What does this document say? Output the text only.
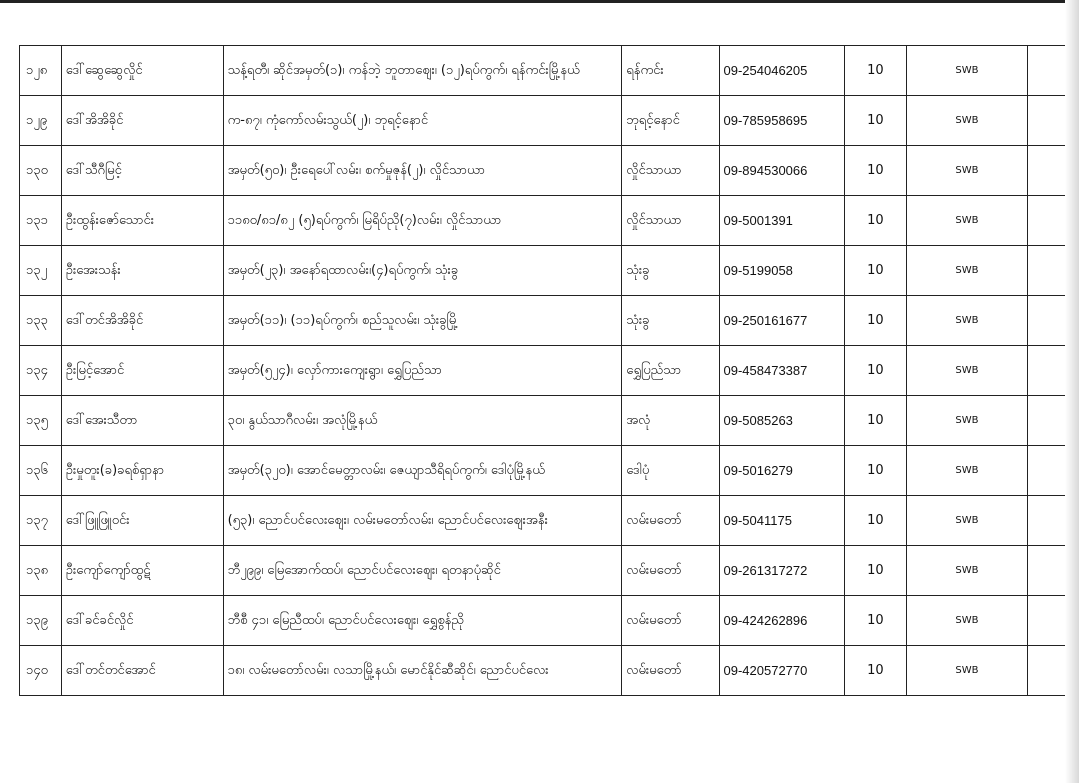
၁၂၈	ဒေါ်ဆွေဆွေလှိုင်	သန့်ရတီ၊ ဆိုင်အမှတ်(၁)၊ ကန်ဘဲ့ ဘူတာဈေး၊ (၁၂)ရပ်ကွက်၊ ရန်ကင်းမြို့နယ်	ရန်ကင်း	09-254046205	10	SWB	
၁၂၉	ဒေါ်အိအိခိုင်	က-၈၇၊ ကုံကော်လမ်းသွယ်(၂)၊ ဘုရင့်နောင်	ဘုရင့်နောင်	09-785958695	10	SWB	
၁၃၀	ဒေါ်သီဂီမြင့်	အမှတ်(၅၀)၊ ဦးရေပေါ်လမ်း၊ စက်မှုဇုန်(၂)၊ လှိုင်သာယာ	လှိုင်သာယာ	09-894530066	10	SWB	
၁၃၁	ဦးထွန်းဇော်သောင်း	၁၁၈၀/၈၁/၈၂ (၅)ရပ်ကွက်၊ မြရိပ်ညို(၇)လမ်း၊ လှိုင်သာယာ	လှိုင်သာယာ	09-5001391	10	SWB	
၁၃၂	ဦးအေးသန်း	အမှတ်(၂၃)၊ အနော်ရထာလမ်း၊(၄)ရပ်ကွက်၊ သုံးခွ	သုံးခွ	09-5199058	10	SWB	
၁၃၃	ဒေါ်တင်အိအိခိုင်	အမှတ်(၁၁)၊ (၁၁)ရပ်ကွက်၊ စည်သူလမ်း၊ သုံးခွမြို့	သုံးခွ	09-250161677	10	SWB	
၁၃၄	ဦးမြင့်အောင်	အမှတ်(၅၂၄)၊ လှော်ကားကျေးရွာ၊ ရွှေပြည်သာ	ရွှေပြည်သာ	09-458473387	10	SWB	
၁၃၅	ဒေါ်အေးသီတာ	၃၀၊ နွယ်သာဂီလမ်း၊ အလုံမြို့နယ်	အလုံ	09-5085263	10	SWB	
၁၃၆	ဦးမှုတူး(ခ)ခရစ်ရှာနာ	အမှတ်(၃၂၀)၊ အောင်မေတ္တာလမ်း၊ ဇေယျာသီရိရပ်ကွက်၊ ဒေါပုံမြို့နယ်	ဒေါပုံ	09-5016279	10	SWB	
၁၃၇	ဒေါ်ဖြူဖြူဝင်း	(၅၃)၊ ညောင်ပင်လေးဈေး၊ လမ်းမတော်လမ်း၊ ညောင်ပင်လေးဈေးအနီး	လမ်းမတော်	09-5041175	10	SWB	
၁၃၈	ဦးကျော်ကျော်ထွဋ်	ဘီ၂၉၉၊ မြေအောက်ထပ်၊ ညောင်ပင်လေးဈေး၊ ရတနာပုံဆိုင်	လမ်းမတော်	09-261317272	10	SWB	
၁၃၉	ဒေါ်ခင်ခင်လှိုင်	ဘီစီ ၄၁၊ မြေညီထပ်၊ ညောင်ပင်လေးဈေး၊ ရွှေစွန်ညို	လမ်းမတော်	09-424262896	10	SWB	
၁၄၀	ဒေါ်တင်တင်အောင်	၁၈၊ လမ်းမတော်လမ်း၊ လသာမြို့နယ်၊ မောင်နိုင်ဆီဆိုင်၊ ညောင်ပင်လေး	လမ်းမတော်	09-420572770	10	SWB	
